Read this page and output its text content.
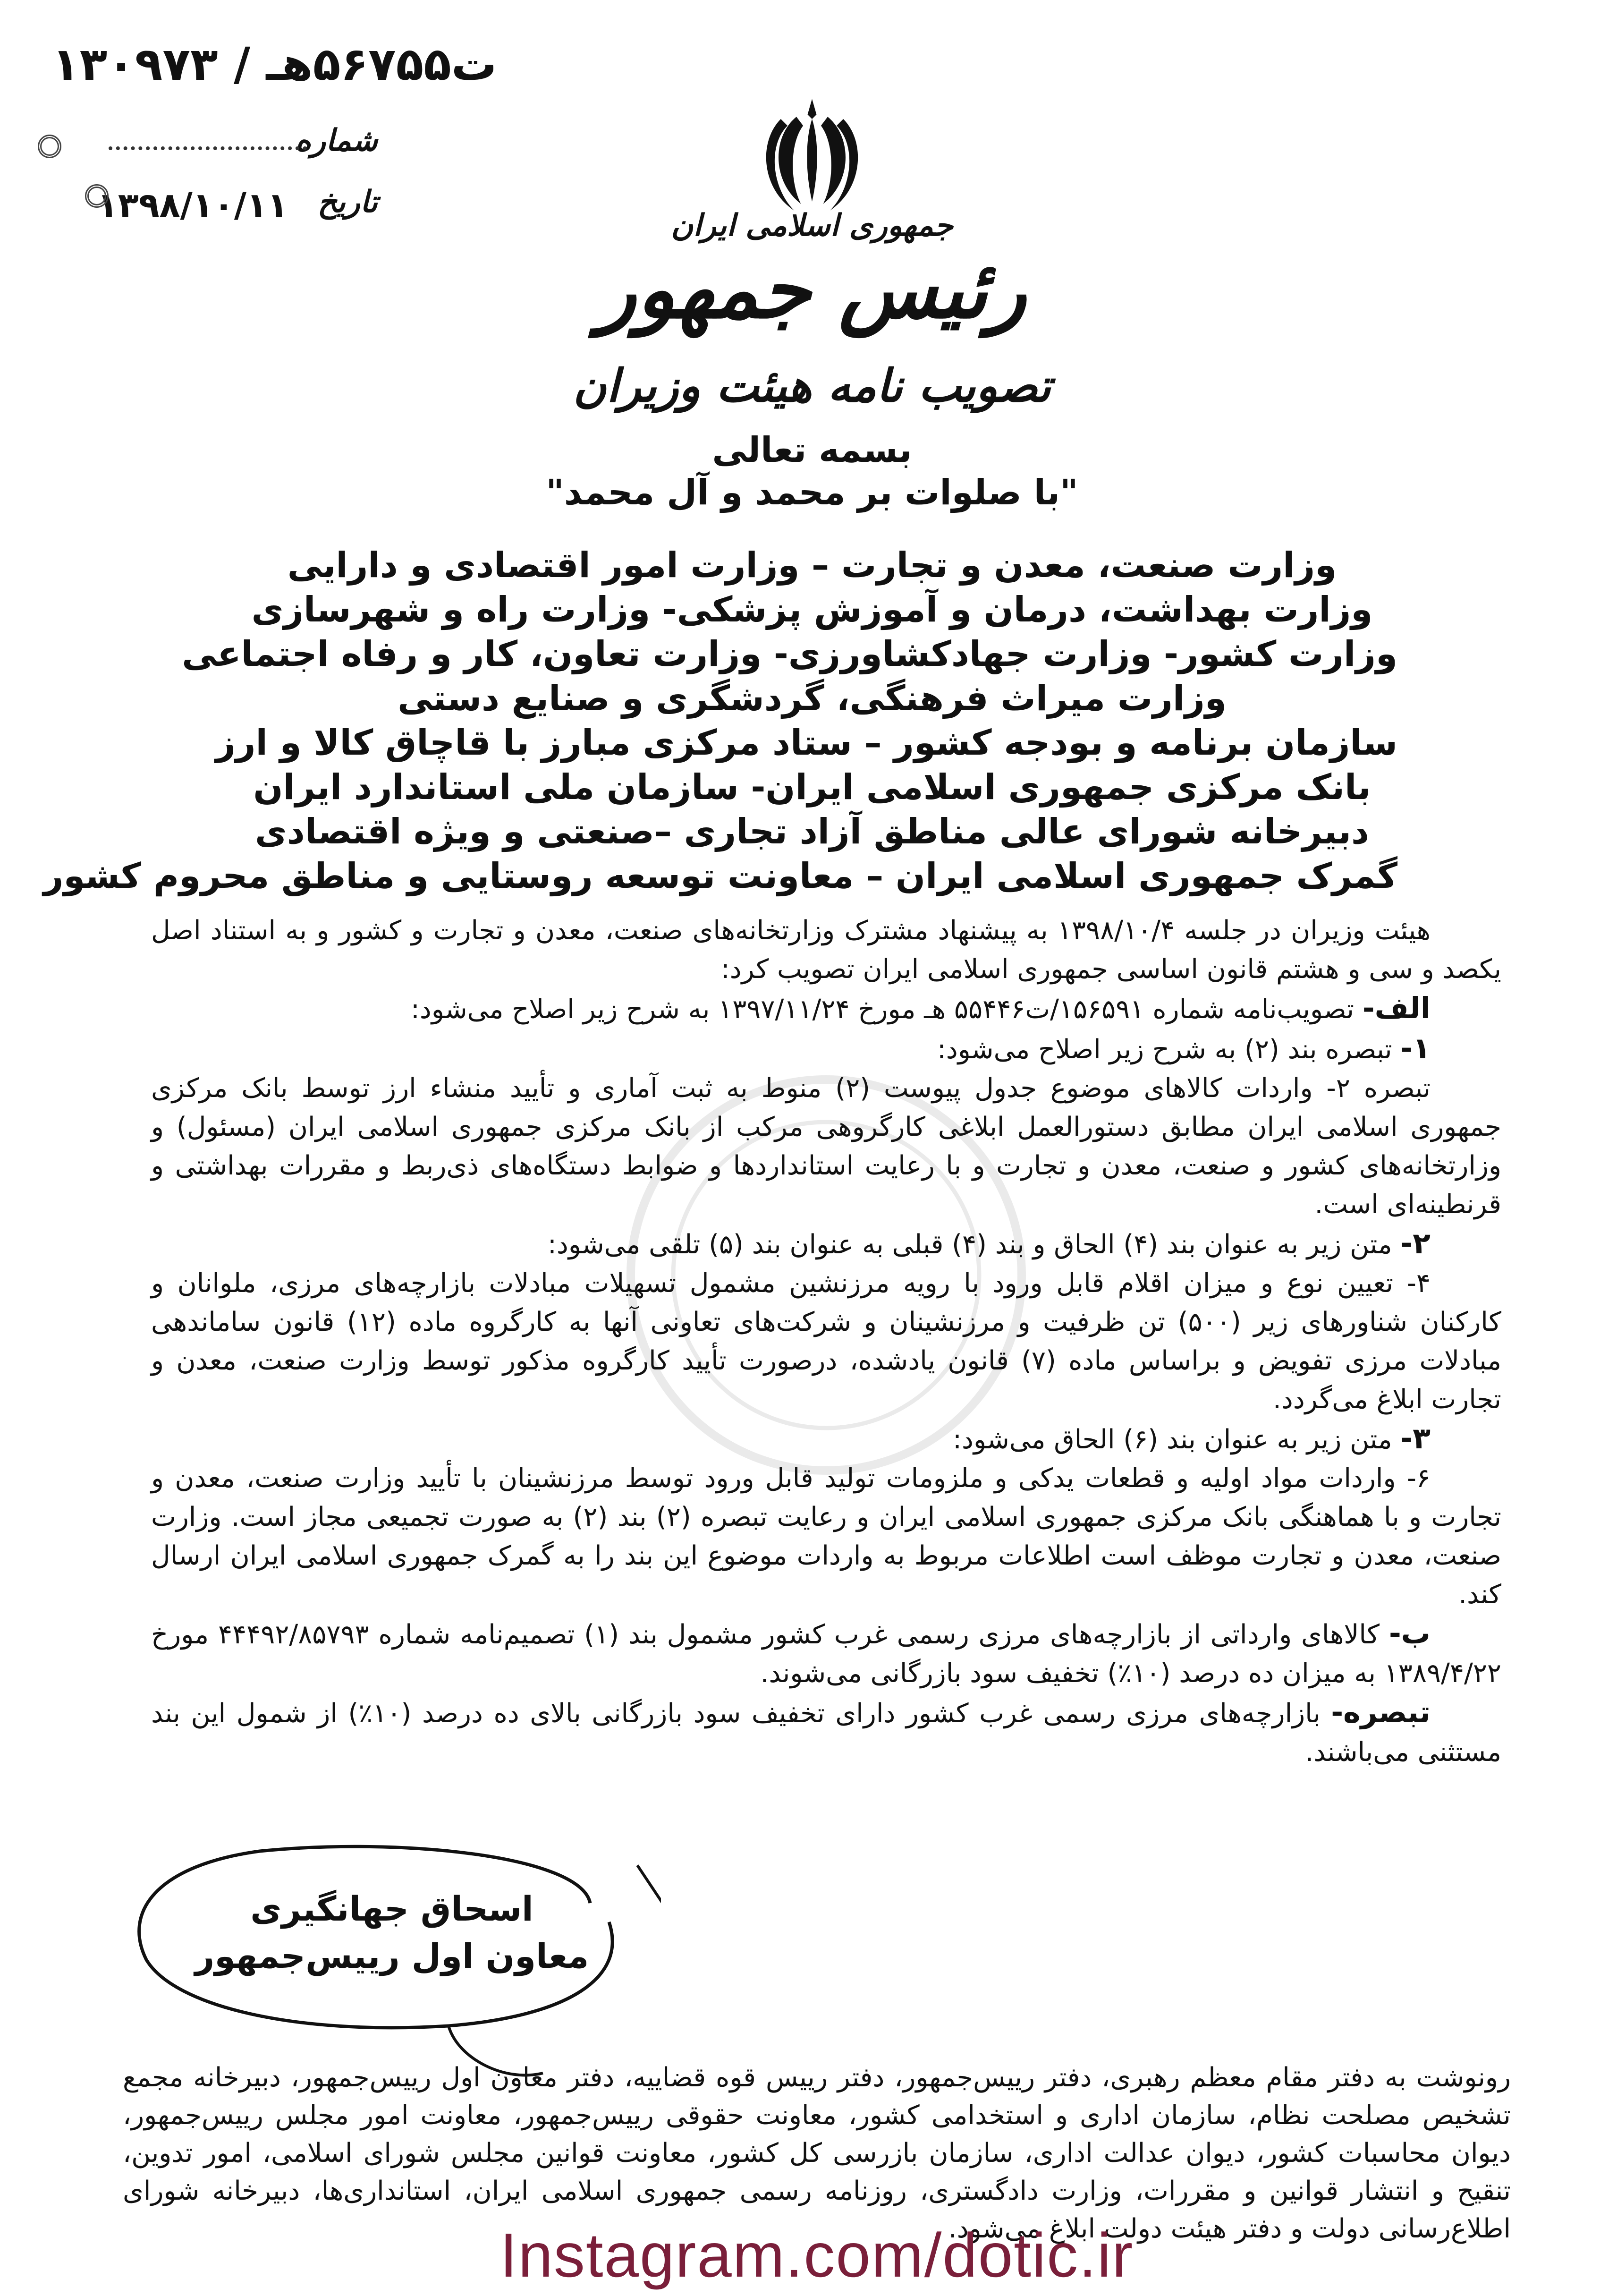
ت۵۶۷۵۵هـ / ۱۳۰۹۷۳
شماره
تاریخ
۱۳۹۸/۱۰/۱۱
جمهوری اسلامی ایران
رئیس جمهور
تصویب نامه هیئت وزیران
بسمه تعالی
"با صلوات بر محمد و آل محمد"
وزارت صنعت، معدن و تجارت – وزارت امور اقتصادی و دارایی
وزارت بهداشت، درمان و آموزش پزشکی- وزارت راه و شهرسازی
وزارت کشور- وزارت جهادکشاورزی- وزارت تعاون، کار و رفاه اجتماعی
وزارت میراث فرهنگی، گردشگری و صنایع دستی
سازمان برنامه و بودجه کشور – ستاد مرکزی مبارز با قاچاق کالا و ارز
بانک مرکزی جمهوری اسلامی ایران- سازمان ملی استاندارد ایران
دبیرخانه شورای عالی مناطق آزاد تجاری –صنعتی و ویژه اقتصادی
گمرک جمهوری اسلامی ایران – معاونت توسعه روستایی و مناطق محروم کشور

هیئت وزیران در جلسه ۱۳۹۸/۱۰/۴ به پیشنهاد مشترک وزارتخانه‌های صنعت، معدن و تجارت و کشور و به استناد اصل یکصد و سی و هشتم قانون اساسی جمهوری اسلامی ایران تصویب کرد:

الف- تصویب‌نامه شماره ۱۵۶۵۹۱/ت۵۵۴۴۶ هـ مورخ ۱۳۹۷/۱۱/۲۴ به شرح زیر اصلاح می‌شود:

۱- تبصره بند (۲) به شرح زیر اصلاح می‌شود:

تبصره ۲- واردات کالاهای موضوع جدول پیوست (۲) منوط به ثبت آماری و تأیید منشاء ارز توسط بانک مرکزی جمهوری اسلامی ایران مطابق دستورالعمل ابلاغی کارگروهی مرکب از بانک مرکزی جمهوری اسلامی ایران (مسئول) و وزارتخانه‌های کشور و صنعت، معدن و تجارت و با رعایت استانداردها و ضوابط دستگاه‌های ذی‌ربط و مقررات بهداشتی و قرنطینه‌ای است.

۲- متن زیر به عنوان بند (۴) الحاق و بند (۴) قبلی به عنوان بند (۵) تلقی می‌شود:

۴- تعیین نوع و میزان اقلام قابل ورود با رویه مرزنشین مشمول تسهیلات مبادلات بازارچه‌های مرزی، ملوانان و کارکنان شناورهای زیر (۵۰۰) تن ظرفیت و مرزنشینان و شرکت‌های تعاونی آنها به کارگروه ماده (۱۲) قانون ساماندهی مبادلات مرزی تفویض و براساس ماده (۷) قانون یادشده، درصورت تأیید کارگروه مذکور توسط وزارت صنعت، معدن و تجارت ابلاغ می‌گردد.

۳- متن زیر به عنوان بند (۶) الحاق می‌شود:

۶- واردات مواد اولیه و قطعات یدکی و ملزومات تولید قابل ورود توسط مرزنشینان با تأیید وزارت صنعت، معدن و تجارت و با هماهنگی بانک مرکزی جمهوری اسلامی ایران و رعایت تبصره (۲) بند (۲) به صورت تجمیعی مجاز است. وزارت صنعت، معدن و تجارت موظف است اطلاعات مربوط به واردات موضوع این بند را به گمرک جمهوری اسلامی ایران ارسال کند.

ب- کالاهای وارداتی از بازارچه‌های مرزی رسمی غرب کشور مشمول بند (۱) تصمیم‌نامه شماره ۴۴۴۹۲/۸۵۷۹۳ مورخ ۱۳۸۹/۴/۲۲ به میزان ده درصد (۱۰٪) تخفیف سود بازرگانی می‌شوند.

تبصره- بازارچه‌های مرزی رسمی غرب کشور دارای تخفیف سود بازرگانی بالای ده درصد (۱۰٪) از شمول این بند مستثنی می‌باشند.

اسحاق جهانگیری
معاون اول رییس‌جمهور
رونوشت به دفتر مقام معظم رهبری، دفتر رییس‌جمهور، دفتر رییس قوه قضاییه، دفتر معاون اول رییس‌جمهور، دبیرخانه مجمع تشخیص مصلحت نظام، سازمان اداری و استخدامی کشور، معاونت حقوقی رییس‌جمهور، معاونت امور مجلس رییس‌جمهور، دیوان محاسبات کشور، دیوان عدالت اداری، سازمان بازرسی کل کشور، معاونت قوانین مجلس شورای اسلامی، امور تدوین، تنقیح و انتشار قوانین و مقررات، وزارت دادگستری، روزنامه رسمی جمهوری اسلامی ایران، استانداری‌ها، دبیرخانه شورای اطلاع‌رسانی دولت و دفتر هیئت دولت ابلاغ می‌شود.
Instagram.com/dotic.ir
